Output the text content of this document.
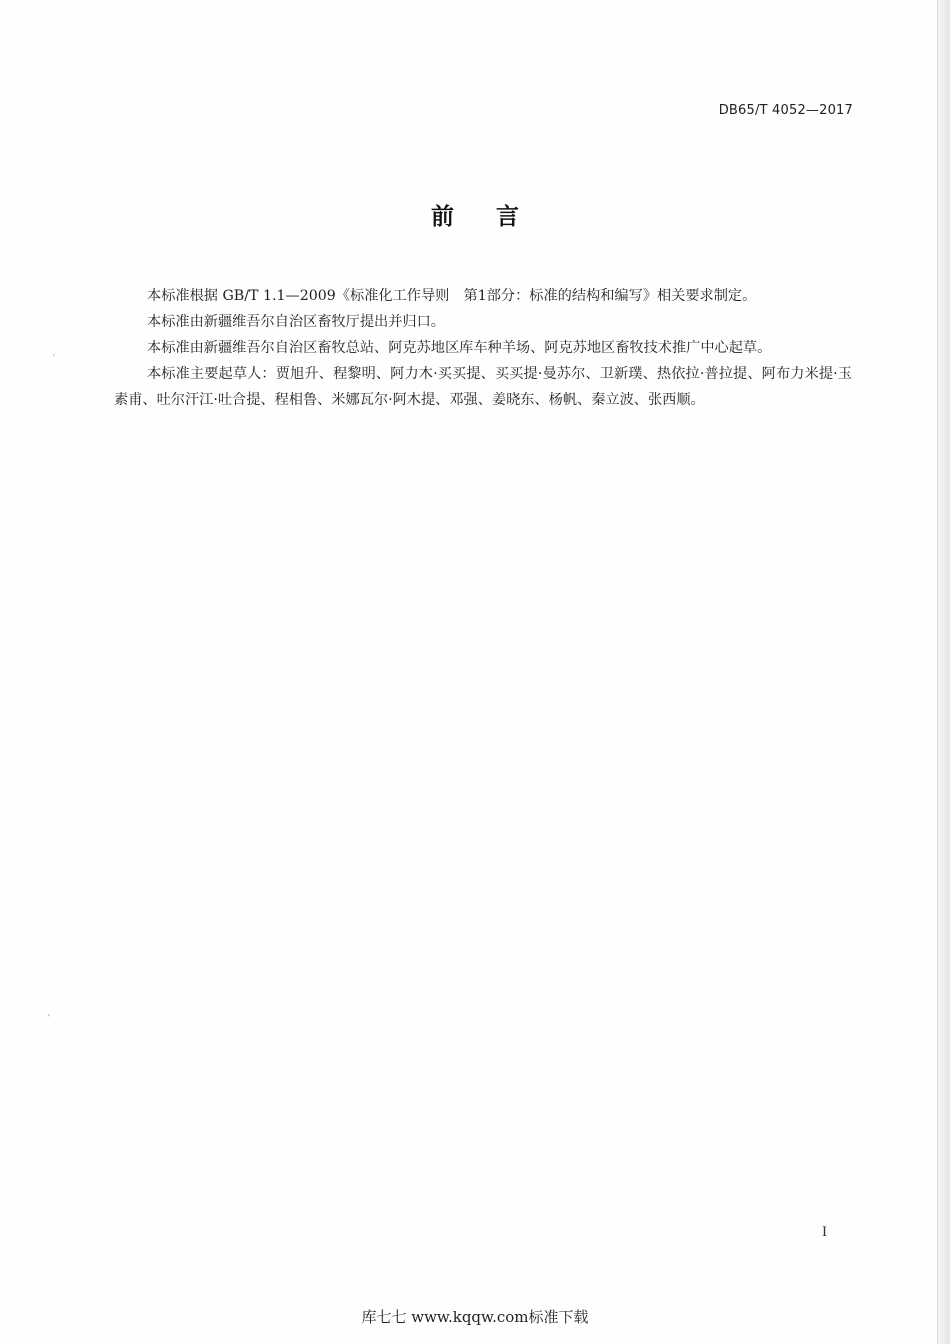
DB65/T 4052—2017
前言

本标准根据 GB/T 1.1—2009《标准化工作导则　第1部分：标准的结构和编写》相关要求制定。

本标准由新疆维吾尔自治区畜牧厅提出并归口。

本标准由新疆维吾尔自治区畜牧总站、阿克苏地区库车种羊场、阿克苏地区畜牧技术推广中心起草。

本标准主要起草人：贾旭升、程黎明、阿力木·买买提、买买提·曼苏尔、卫新璞、热依拉·普拉提、阿布力米提·玉素甫、吐尔汗江·吐合提、程相鲁、米娜瓦尔·阿木提、邓强、姜晓东、杨帆、秦立波、张西顺。

ʼ
ʼ
I
库七七 www.kqqw.com标准下载
